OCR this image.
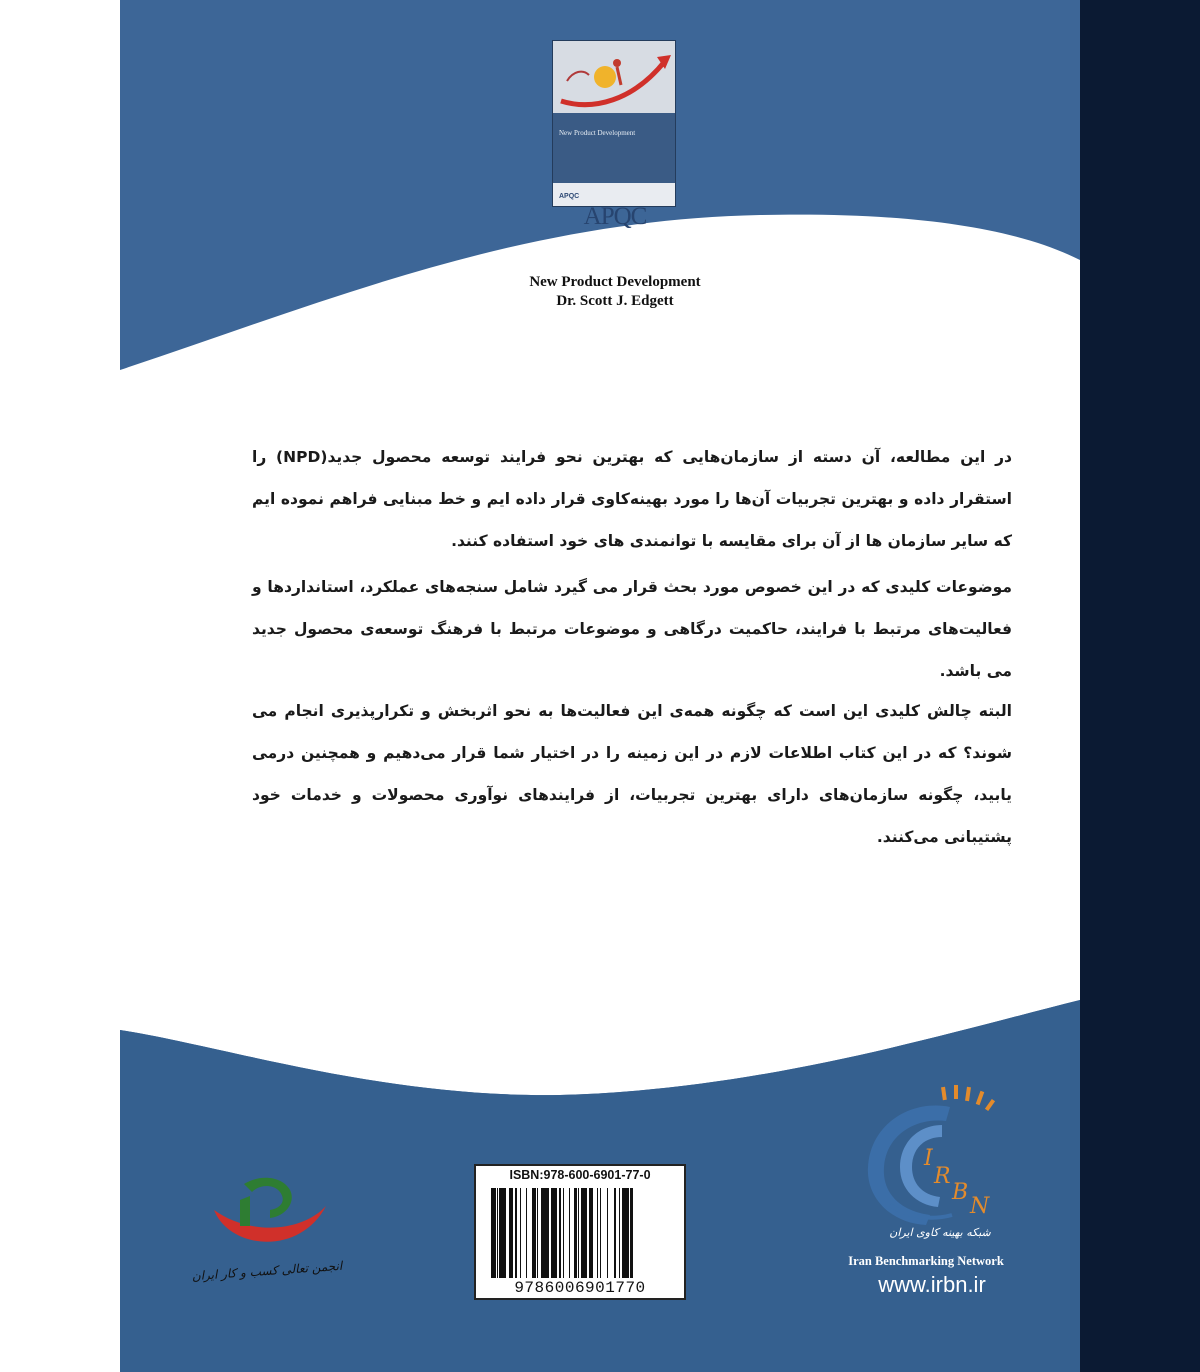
APQC
New Product Development
APQC
New Product Development
Dr. Scott J. Edgett
در این مطالعه، آن دسته از سازمان‌هایی که بهترین نحو فرایند توسعه محصول جدید(NPD) را استقرار داده و بهترین تجربیات آن‌ها را مورد بهینه‌کاوی قرار داده ایم و خط مبنایی فراهم نموده ایم که سایر سازمان ها از آن برای مقایسه با توانمندی های خود استفاده کنند.
موضوعات کلیدی که در این خصوص مورد بحث قرار می گیرد شامل سنجه‌های عملکرد، استانداردها و فعالیت‌های مرتبط با فرایند، حاکمیت درگاهی و موضوعات مرتبط با فرهنگ توسعه‌ی محصول جدید می باشد.
البته چالش کلیدی این است که چگونه همه‌ی این فعالیت‌ها به نحو اثربخش و تکرارپذیری انجام می شوند؟ که در این کتاب اطلاعات لازم در این زمینه را در اختیار شما قرار می‌دهیم و همچنین درمی یابید، چگونه سازمان‌های دارای بهترین تجربیات، از فرایندهای نوآوری محصولات و خدمات خود پشتیبانی می‌کنند.
ISBN:978-600-6901-77-0
9786006901770
I
R
B
N
شبکه بهینه کاوی ایران
Iran Benchmarking Network
www.irbn.ir
انجمن تعالی کسب و کار ایران
